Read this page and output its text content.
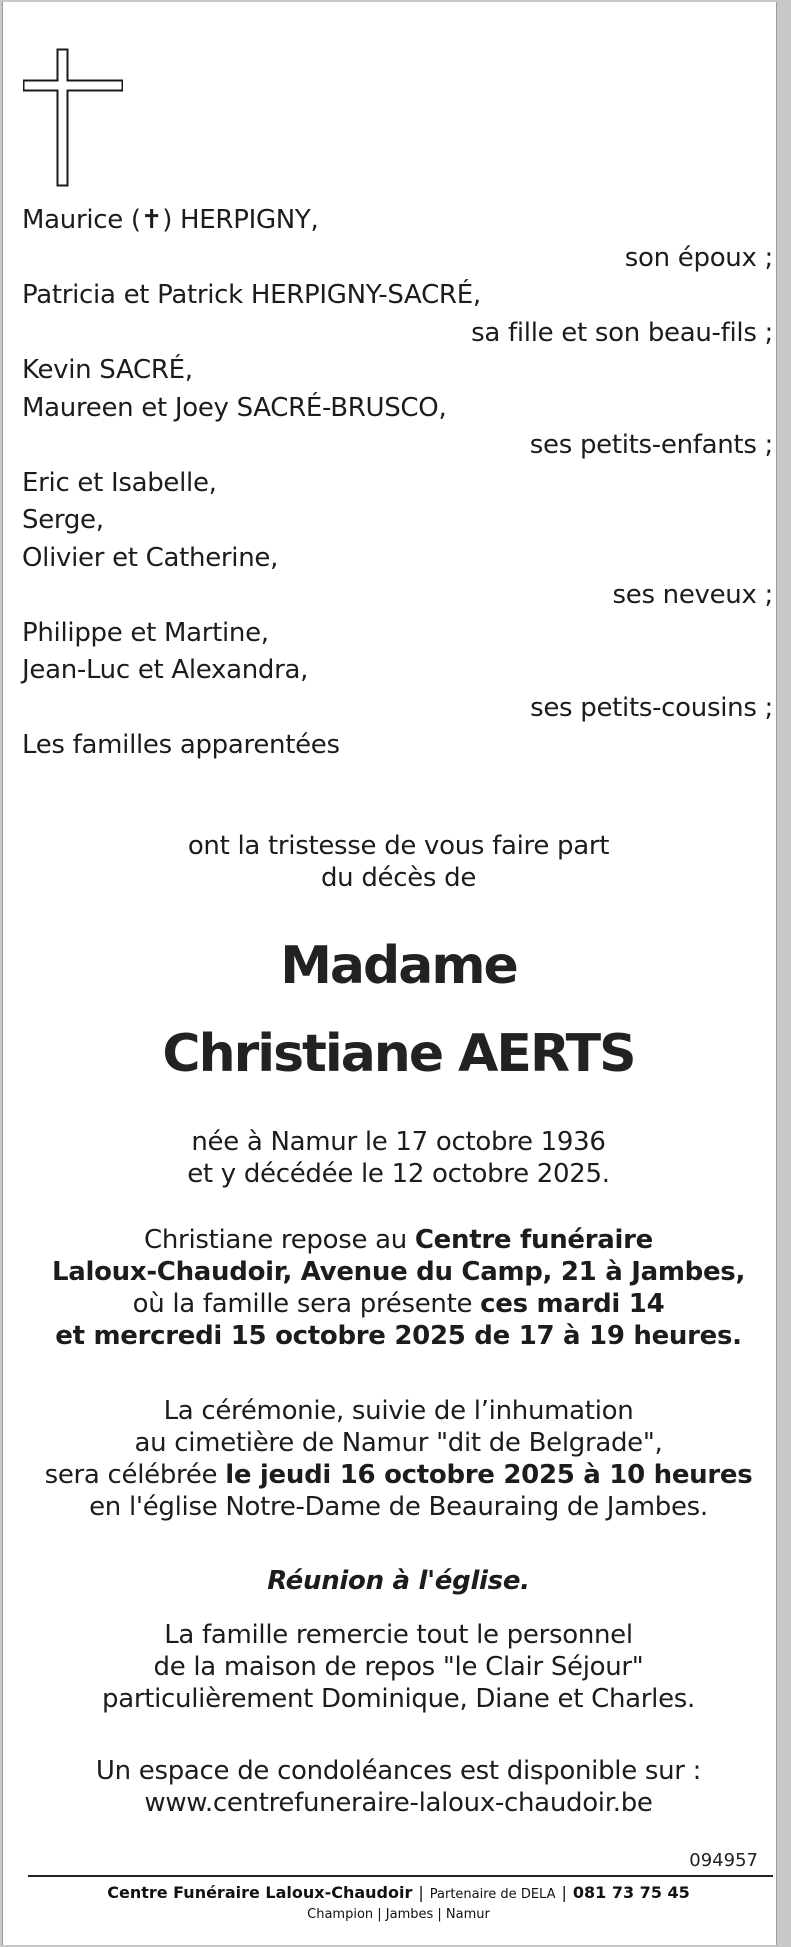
Maurice (✝) HERPIGNY,
son époux ;
Patricia et Patrick HERPIGNY-SACRÉ,
sa fille et son beau-fils ;
Kevin SACRÉ,
Maureen et Joey SACRÉ-BRUSCO,
ses petits-enfants ;
Eric et Isabelle,
Serge,
Olivier et Catherine,
ses neveux ;
Philippe et Martine,
Jean-Luc et Alexandra,
ses petits-cousins ;
Les familles apparentées
ont la tristesse de vous faire part
du décès de
Madame
Christiane AERTS
née à Namur le 17 octobre 1936
et y décédée le 12 octobre 2025.
Christiane repose au Centre funéraire
Laloux-Chaudoir, Avenue du Camp, 21 à Jambes,
où la famille sera présente ces mardi 14
et mercredi 15 octobre 2025 de 17 à 19 heures.
La cérémonie, suivie de l’inhumation
au cimetière de Namur "dit de Belgrade",
sera célébrée le jeudi 16 octobre 2025 à 10 heures
en l'église Notre-Dame de Beauraing de Jambes.
Réunion à l'église.
La famille remercie tout le personnel
de la maison de repos "le Clair Séjour"
particulièrement Dominique, Diane et Charles.
Un espace de condoléances est disponible sur :
www.centrefuneraire-laloux-chaudoir.be
094957
Centre Funéraire Laloux-Chaudoir | Partenaire de DELA | 081 73 75 45
Champion | Jambes | Namur
